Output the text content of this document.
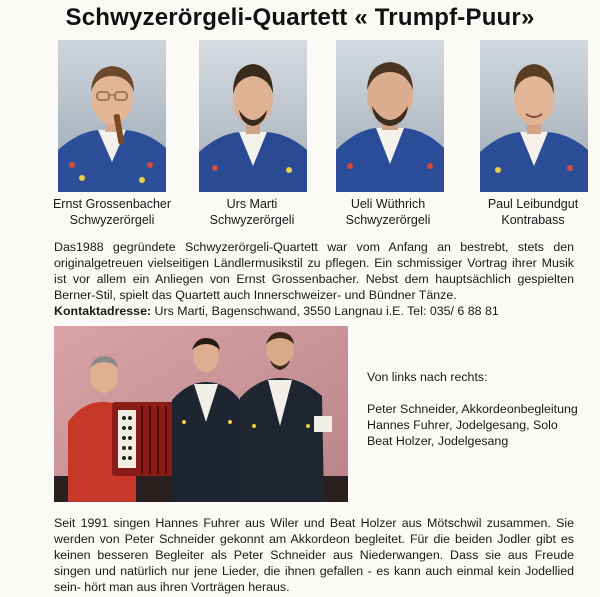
Schwyzerörgeli-Quartett « Trumpf-Puur»
Ernst Grossenbacher
Schwyzerörgeli
Urs Marti
Schwyzerörgeli
Ueli Wüthrich
Schwyzerörgeli
Paul Leibundgut
Kontrabass
Das1988 gegründete Schwyzerörgeli-Quartett war vom Anfang an bestrebt, stets den originalgetreuen vielseitigen Ländlermusikstil zu pflegen. Ein schmissiger Vortrag ihrer Musik ist vor allem ein Anliegen von Ernst Grossenbacher. Nebst dem hauptsächlich gespielten Berner-Stil, spielt das Quartett auch Innerschweizer- und Bündner Tänze.
Kontaktadresse: Urs Marti, Bagenschwand, 3550 Langnau i.E. Tel: 035/ 6 88 81
Von links nach rechts:
Peter Schneider, Akkordeonbegleitung
Hannes Fuhrer, Jodelgesang, Solo
Beat Holzer, Jodelgesang
Seit 1991 singen Hannes Fuhrer aus Wiler und Beat Holzer aus Mötschwil zusammen. Sie werden von Peter Schneider gekonnt am Akkordeon begleitet. Für die beiden Jodler gibt es keinen besseren Begleiter als Peter Schneider aus Niederwangen. Dass sie aus Freude singen und natürlich nur jene Lieder, die ihnen gefallen - es kann auch einmal kein Jodellied sein- hört man aus ihren Vorträgen heraus.
